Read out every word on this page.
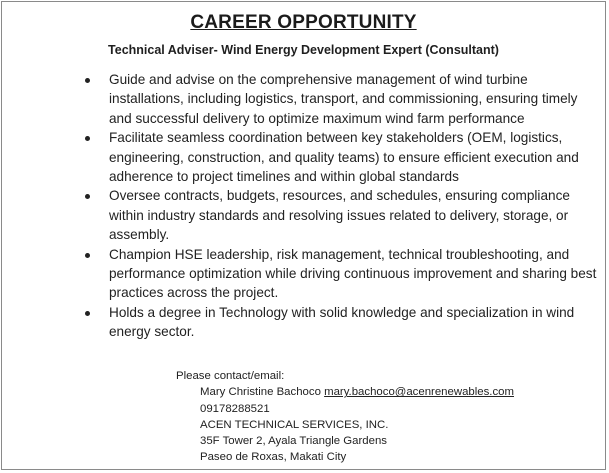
CAREER OPPORTUNITY
Technical Adviser- Wind Energy Development Expert (Consultant)
Guide and advise on the comprehensive management of wind turbine installations, including logistics, transport, and commissioning, ensuring timely and successful delivery to optimize maximum wind farm performance
Facilitate seamless coordination between key stakeholders (OEM, logistics, engineering, construction, and quality teams) to ensure efficient execution and adherence to project timelines and within global standards
Oversee contracts, budgets, resources, and schedules, ensuring compliance within industry standards and resolving issues related to delivery, storage, or assembly.
Champion HSE leadership, risk management, technical troubleshooting, and performance optimization while driving continuous improvement and sharing best practices across the project.
Holds a degree in Technology with solid knowledge and specialization in wind energy sector.
Please contact/email:
Mary Christine Bachoco mary.bachoco@acenrenewables.com
09178288521
ACEN TECHNICAL SERVICES, INC.
35F Tower 2, Ayala Triangle Gardens
Paseo de Roxas, Makati City
